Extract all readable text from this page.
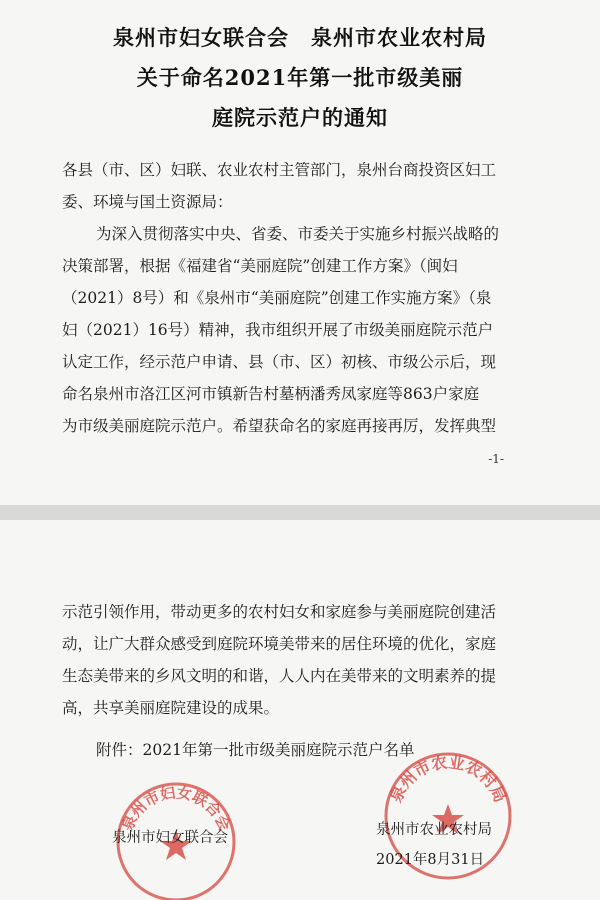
泉州市妇女联合会　泉州市农业农村局
关于命名2021年第一批市级美丽
庭院示范户的通知
各县（市、区）妇联、农业农村主管部门，泉州台商投资区妇工
委、环境与国土资源局：
为深入贯彻落实中央、省委、市委关于实施乡村振兴战略的
决策部署，根据《福建省“美丽庭院”创建工作方案》（闽妇
（2021）8号）和《泉州市“美丽庭院”创建工作实施方案》（泉
妇（2021）16号）精神，我市组织开展了市级美丽庭院示范户
认定工作，经示范户申请、县（市、区）初核、市级公示后，现
命名泉州市洛江区河市镇新告村墓柄潘秀凤家庭等863户家庭
为市级美丽庭院示范户。希望获命名的家庭再接再厉，发挥典型
-1-
示范引领作用，带动更多的农村妇女和家庭参与美丽庭院创建活
动，让广大群众感受到庭院环境美带来的居住环境的优化，家庭
生态美带来的乡风文明的和谐，人人内在美带来的文明素养的提
高，共享美丽庭院建设的成果。
附件：2021年第一批市级美丽庭院示范户名单
泉州市妇女联合会
泉州市农业农村局
泉州市妇女联合会	泉州市农业农村局
2021年8月31日
